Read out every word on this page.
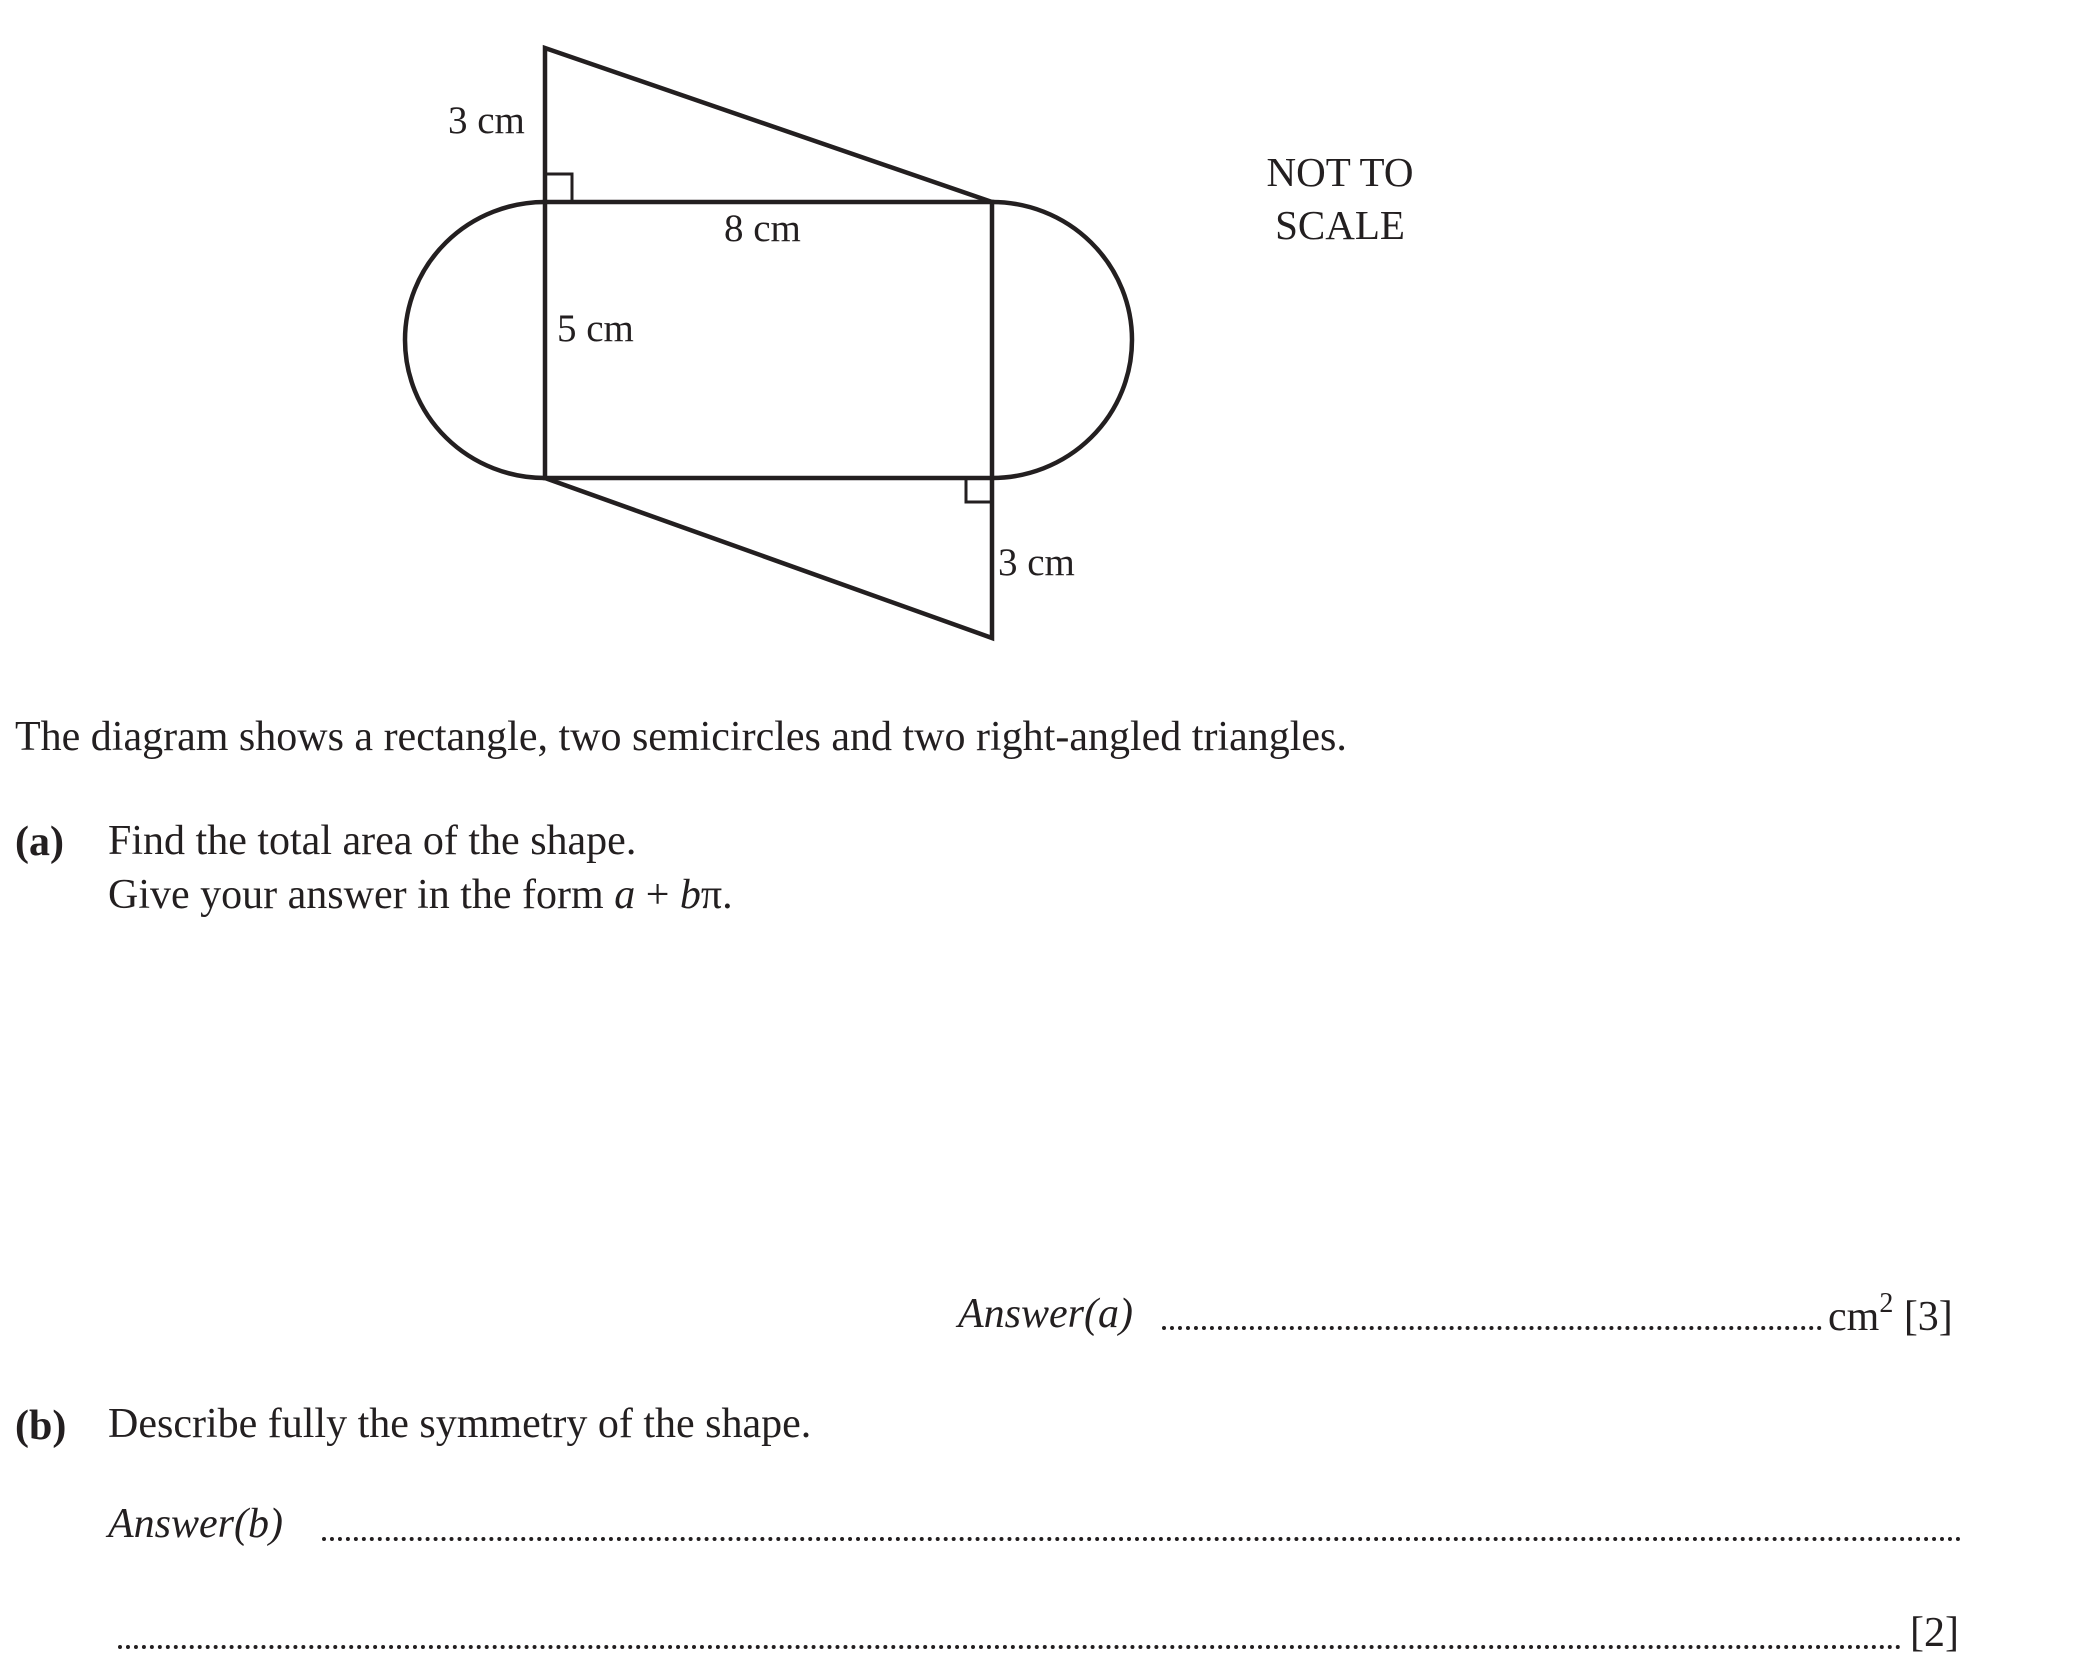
3 cm
8 cm
5 cm
3 cm
NOT TO
SCALE
The diagram shows a rectangle, two semicircles and two right-angled triangles.
(a) Find the total area of the shape.
Give your answer in the form a + bπ.
Answer(a)	$cm^2$ [3]
(b) Describe fully the symmetry of the shape.
Answer(b)
[2]
